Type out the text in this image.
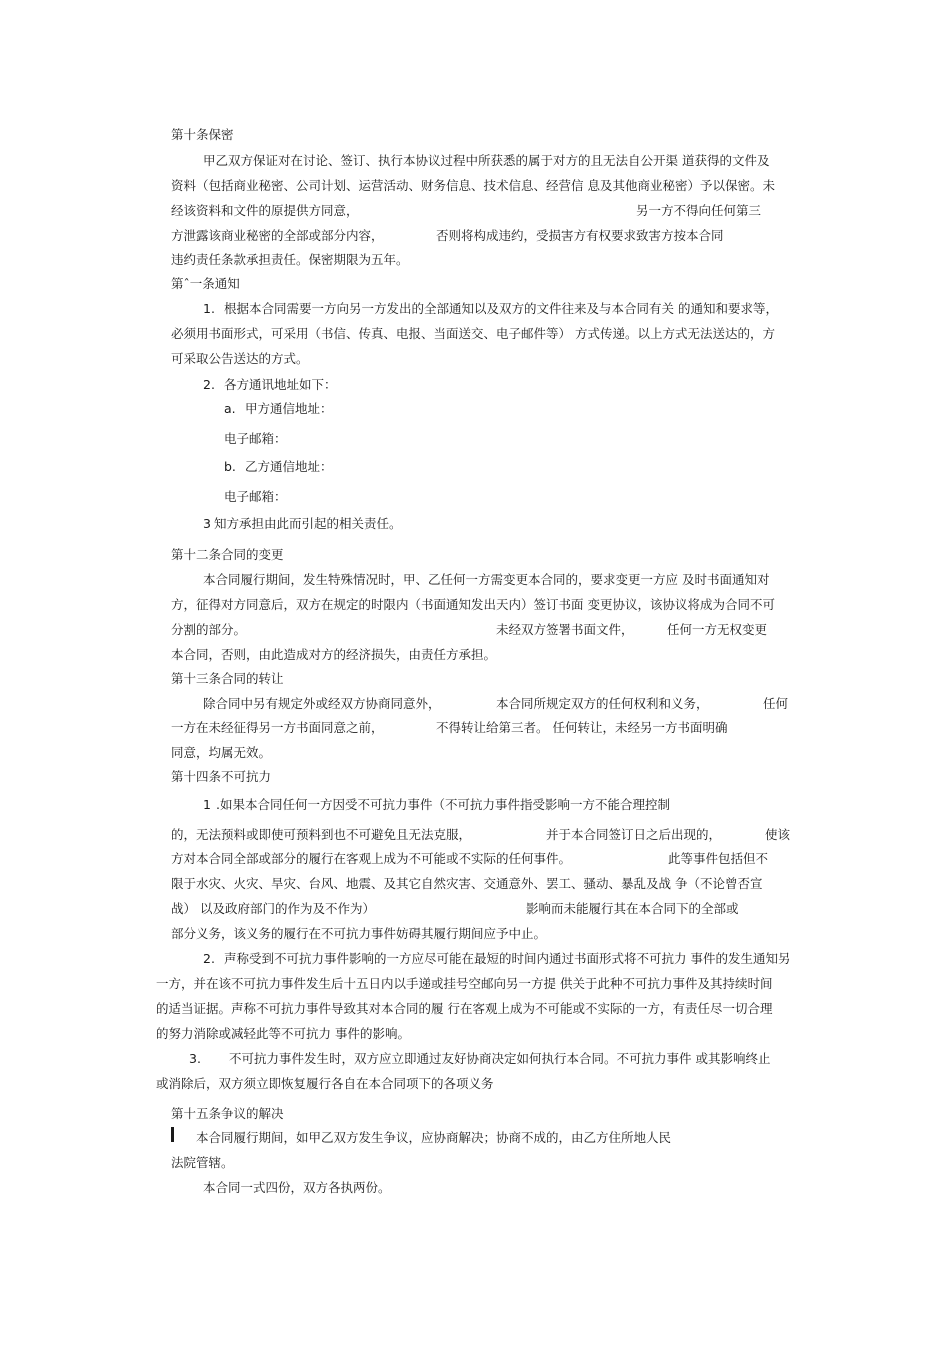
第十条保密
甲乙双方保证对在讨论、签订、执行本协议过程中所获悉的属于对方的且无法自公开渠 道获得的文件及
资料（包括商业秘密、公司计划、运营活动、财务信息、技术信息、经营信 息及其他商业秘密）予以保密。未
经该资料和文件的原提供方同意，	另一方不得向任何第三
方泄露该商业秘密的全部或部分内容，	否则将构成违约，受损害方有权要求致害方按本合同
违约责任条款承担责任。保密期限为五年。
第ˆ一条通知
1. 根据本合同需要一方向另一方发出的全部通知以及双方的文件往来及与本合同有关 的通知和要求等，
必须用书面形式，可采用（书信、传真、电报、当面送交、电子邮件等） 方式传递。以上方式无法送达的，方
可采取公告送达的方式。
2. 各方通讯地址如下：
a. 甲方通信地址：
电子邮箱：
b. 乙方通信地址：
电子邮箱：
3 知方承担由此而引起的相关责任。
第十二条合同的变更
本合同履行期间，发生特殊情况时，甲、乙任何一方需变更本合同的，要求变更一方应 及时书面通知对
方，征得对方同意后，双方在规定的时限内（书面通知发出天内）签订书面 变更协议，该协议将成为合同不可
分割的部分。	未经双方签署书面文件，	任何一方无权变更
本合同，否则，由此造成对方的经济损失，由责任方承担。
第十三条合同的转让
除合同中另有规定外或经双方协商同意外，	本合同所规定双方的任何权利和义务，	任何
一方在未经征得另一方书面同意之前，	不得转让给第三者。 任何转让，未经另一方书面明确
同意，均属无效。
第十四条不可抗力
1 .如果本合同任何一方因受不可抗力事件（不可抗力事件指受影响一方不能合理控制
的，无法预料或即使可预料到也不可避免且无法克服，	并于本合同签订日之后出现的，	使该
方对本合同全部或部分的履行在客观上成为不可能或不实际的任何事件。	此等事件包括但不
限于水灾、火灾、旱灾、台风、地震、及其它自然灾害、交通意外、罢工、骚动、暴乱及战 争（不论曾否宣
战） 以及政府部门的作为及不作为）	影响而未能履行其在本合同下的全部或
部分义务，该义务的履行在不可抗力事件妨碍其履行期间应予中止。
2. 声称受到不可抗力事件影响的一方应尽可能在最短的时间内通过书面形式将不可抗力 事件的发生通知另
一方，并在该不可抗力事件发生后十五日内以手递或挂号空邮向另一方提 供关于此种不可抗力事件及其持续时间
的适当证据。声称不可抗力事件导致其对本合同的履 行在客观上成为不可能或不实际的一方，有责任尽一切合理
的努力消除或减轻此等不可抗力 事件的影响。
3. 不可抗力事件发生时，双方应立即通过友好协商决定如何执行本合同。不可抗力事件 或其影响终止
或消除后，双方须立即恢复履行各自在本合同项下的各项义务
第十五条争议的解决
本合同履行期间，如甲乙双方发生争议，应协商解决；协商不成的，由乙方住所地人民
法院管辖。
本合同一式四份，双方各执两份。
